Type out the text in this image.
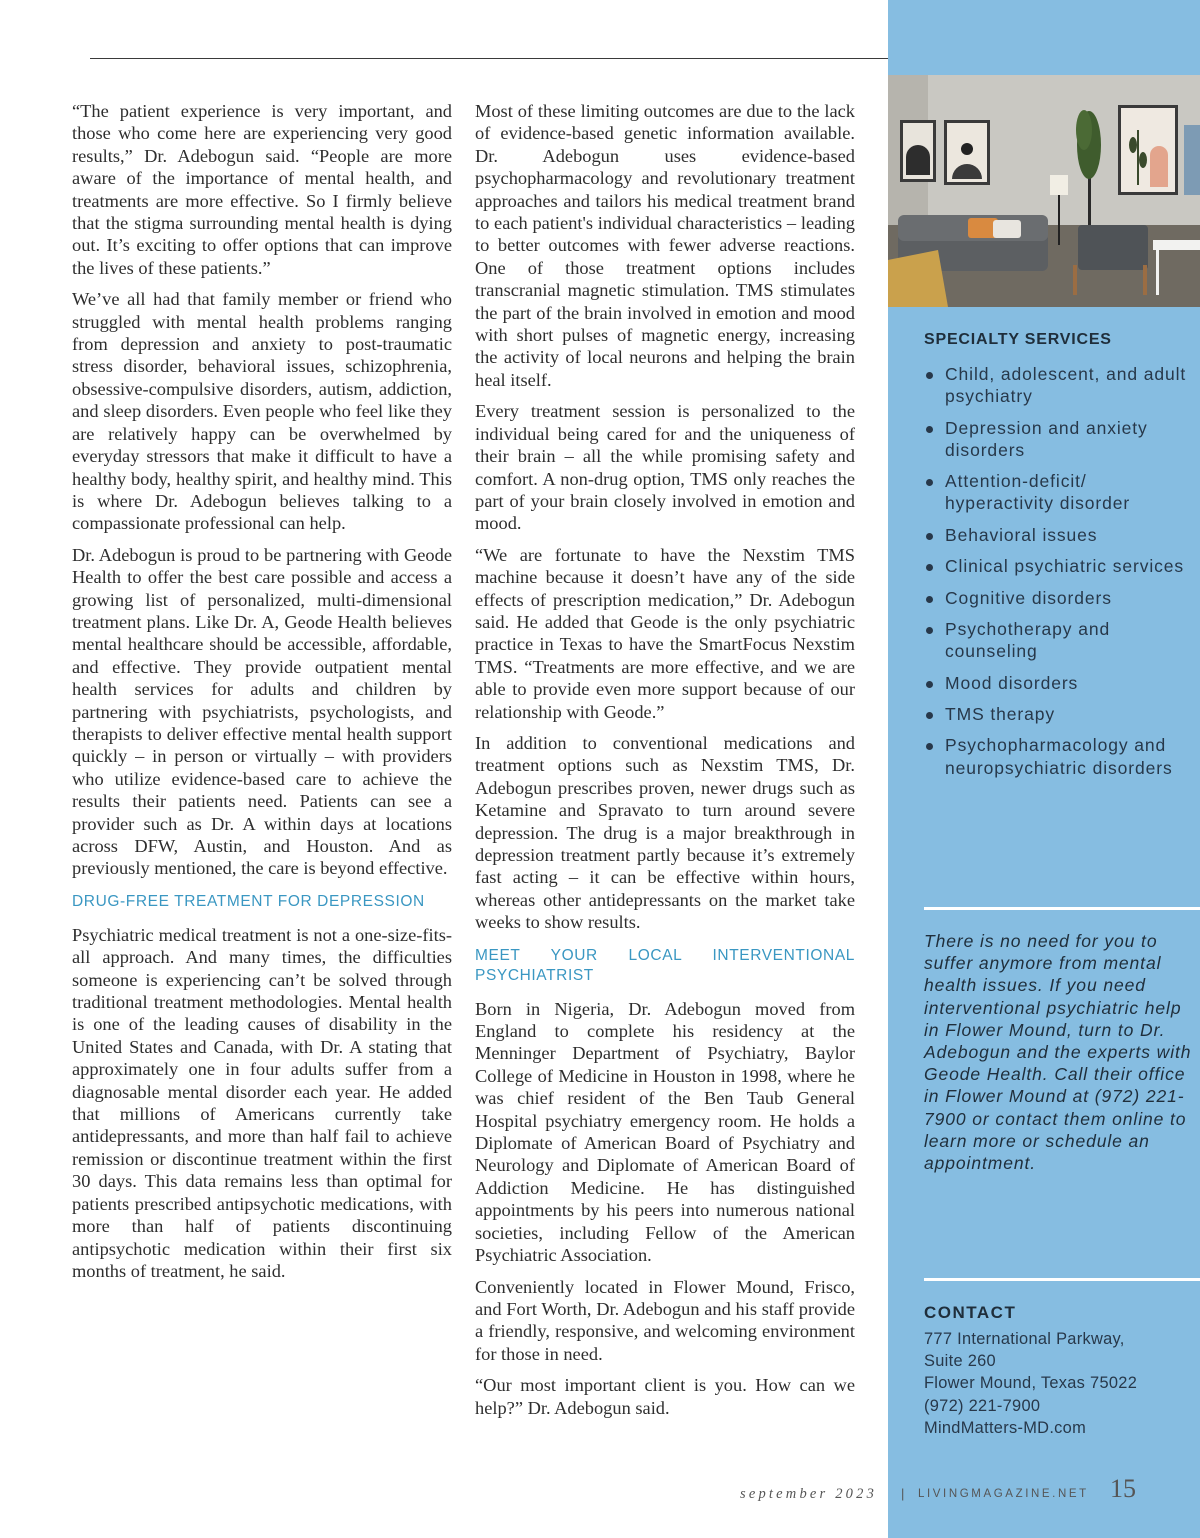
“The patient experience is very important, and those who come here are experiencing very good results,” Dr. Adebogun said. “People are more aware of the importance of mental health, and treatments are more effective. So I firmly believe that the stigma surrounding mental health is dying out. It’s exciting to offer options that can improve the lives of these patients.”

We’ve all had that family member or friend who struggled with mental health problems ranging from depression and anxiety to post-traumatic stress disorder, behavioral issues, schizophrenia, obsessive-compulsive disorders, autism, addiction, and sleep disorders. Even people who feel like they are relatively happy can be overwhelmed by everyday stressors that make it difficult to have a healthy body, healthy spirit, and healthy mind. This is where Dr. Adebogun believes talking to a compassionate professional can help.

Dr. Adebogun is proud to be partnering with Geode Health to offer the best care possible and access a growing list of personalized, multi-dimensional treatment plans. Like Dr. A, Geode Health believes mental healthcare should be accessible, affordable, and effective. They provide outpatient mental health services for adults and children by partnering with psychiatrists, psychologists, and therapists to deliver effective mental health support quickly – in person or virtually – with providers who utilize evidence-based care to achieve the results their patients need. Patients can see a provider such as Dr. A within days at locations across DFW, Austin, and Houston. And as previously mentioned, the care is beyond effective.

DRUG-FREE TREATMENT FOR DEPRESSION

Psychiatric medical treatment is not a one-size-fits-all approach. And many times, the difficulties someone is experiencing can’t be solved through traditional treatment methodologies. Mental health is one of the leading causes of disability in the United States and Canada, with Dr. A stating that approximately one in four adults suffer from a diagnosable mental disorder each year. He added that millions of Americans currently take antidepressants, and more than half fail to achieve remission or discontinue treatment within the first 30 days. This data remains less than optimal for patients prescribed antipsychotic medications, with more than half of patients discontinuing antipsychotic medication within their first six months of treatment, he said.

Most of these limiting outcomes are due to the lack of evidence-based genetic information available. Dr. Adebogun uses evidence-based psychopharmacology and revolutionary treatment approaches and tailors his medical treatment brand to each patient's individual characteristics – leading to better outcomes with fewer adverse reactions. One of those treatment options includes transcranial magnetic stimulation. TMS stimulates the part of the brain involved in emotion and mood with short pulses of magnetic energy, increasing the activity of local neurons and helping the brain heal itself.

Every treatment session is personalized to the individual being cared for and the uniqueness of their brain – all the while promising safety and comfort. A non-drug option, TMS only reaches the part of your brain closely involved in emotion and mood.

“We are fortunate to have the Nexstim TMS machine because it doesn’t have any of the side effects of prescription medication,” Dr. Adebogun said. He added that Geode is the only psychiatric practice in Texas to have the SmartFocus Nexstim TMS. “Treatments are more effective, and we are able to provide even more support because of our relationship with Geode.”

In addition to conventional medications and treatment options such as Nexstim TMS, Dr. Adebogun prescribes proven, newer drugs such as Ketamine and Spravato to turn around severe depression. The drug is a major breakthrough in depression treatment partly because it’s extremely fast acting – it can be effective within hours, whereas other antidepressants on the market take weeks to show results.

MEET YOUR LOCAL INTERVENTIONAL PSYCHIATRIST

Born in Nigeria, Dr. Adebogun moved from England to complete his residency at the Menninger Department of Psychiatry, Baylor College of Medicine in Houston in 1998, where he was chief resident of the Ben Taub General Hospital psychiatry emergency room. He holds a Diplomate of American Board of Psychiatry and Neurology and Diplomate of American Board of Addiction Medicine. He has distinguished appointments by his peers into numerous national societies, including Fellow of the American Psychiatric Association.

Conveniently located in Flower Mound, Frisco, and Fort Worth, Dr. Adebogun and his staff provide a friendly, responsive, and welcoming environment for those in need.

“Our most important client is you. How can we help?” Dr. Adebogun said.

SPECIALTY SERVICES
Child, adolescent, and adult psychiatry
Depression and anxiety disorders
Attention-deficit/ hyperactivity disorder
Behavioral issues
Clinical psychiatric services
Cognitive disorders
Psychotherapy and counseling
Mood disorders
TMS therapy
Psychopharmacology and neuropsychiatric disorders
There is no need for you to suffer anymore from mental health issues. If you need interventional psychiatric help in Flower Mound, turn to Dr. Adebogun and the experts with Geode Health. Call their office in Flower Mound at (972) 221-7900 or contact them online to learn more or schedule an appointment.
CONTACT
777 International Parkway,
Suite 260
Flower Mound, Texas 75022
(972) 221-7900
MindMatters-MD.com
september 2023 | LIVINGMAGAZINE.NET 15
